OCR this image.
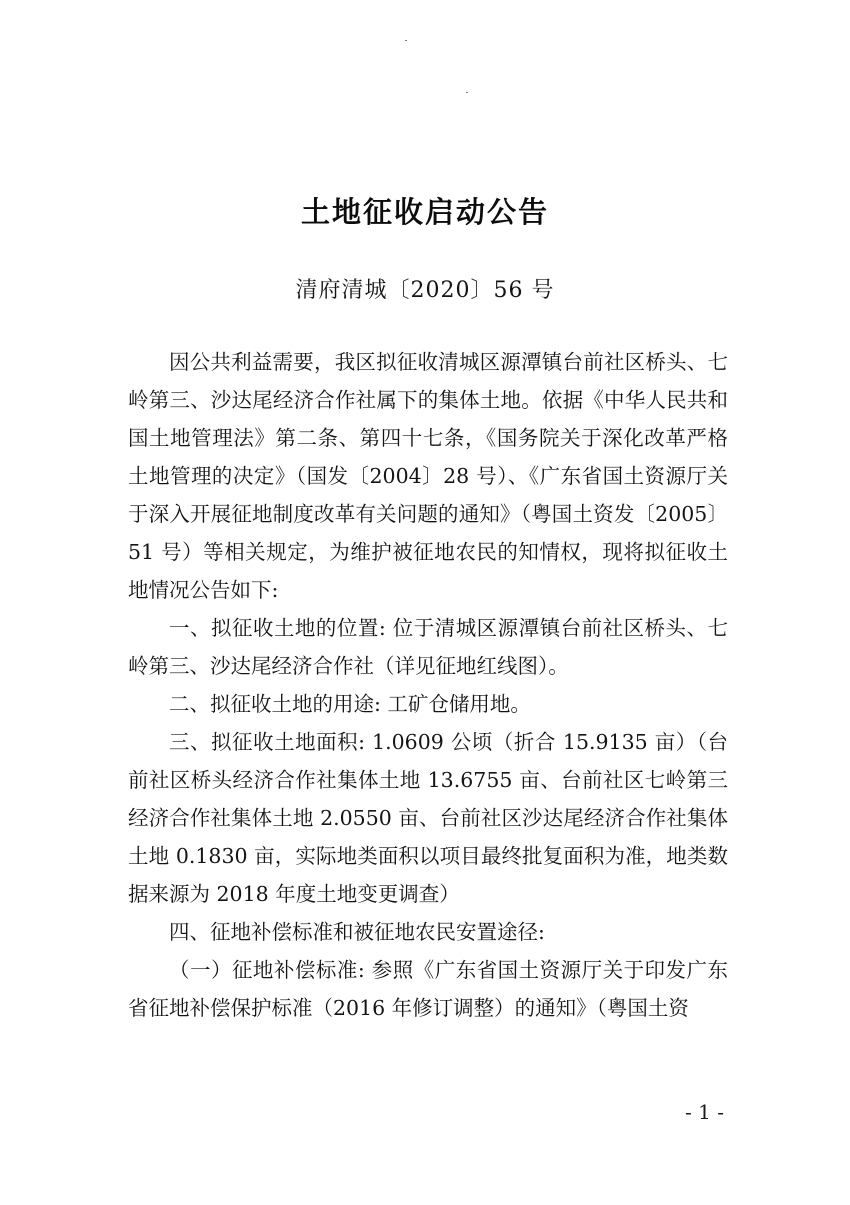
土地征收启动公告
清府清城〔2020〕56 号

因公共利益需要，我区拟征收清城区源潭镇台前社区桥头、七岭第三、沙达尾经济合作社属下的集体土地。依据《中华人民共和国土地管理法》第二条、第四十七条，《国务院关于深化改革严格土地管理的决定》（国发〔2004〕28 号）、《广东省国土资源厅关于深入开展征地制度改革有关问题的通知》（粤国土资发〔2005〕51 号）等相关规定，为维护被征地农民的知情权，现将拟征收土地情况公告如下:

一、拟征收土地的位置: 位于清城区源潭镇台前社区桥头、七岭第三、沙达尾经济合作社（详见征地红线图）。

二、拟征收土地的用途: 工矿仓储用地。

三、拟征收土地面积: 1.0609 公顷（折合 15.9135 亩）（台前社区桥头经济合作社集体土地 13.6755 亩、台前社区七岭第三经济合作社集体土地 2.0550 亩、台前社区沙达尾经济合作社集体土地 0.1830 亩，实际地类面积以项目最终批复面积为准，地类数据来源为 2018 年度土地变更调查）

四、征地补偿标准和被征地农民安置途径:

（一）征地补偿标准: 参照《广东省国土资源厅关于印发广东省征地补偿保护标准（2016 年修订调整）的通知》（粤国土资

- 1 -
